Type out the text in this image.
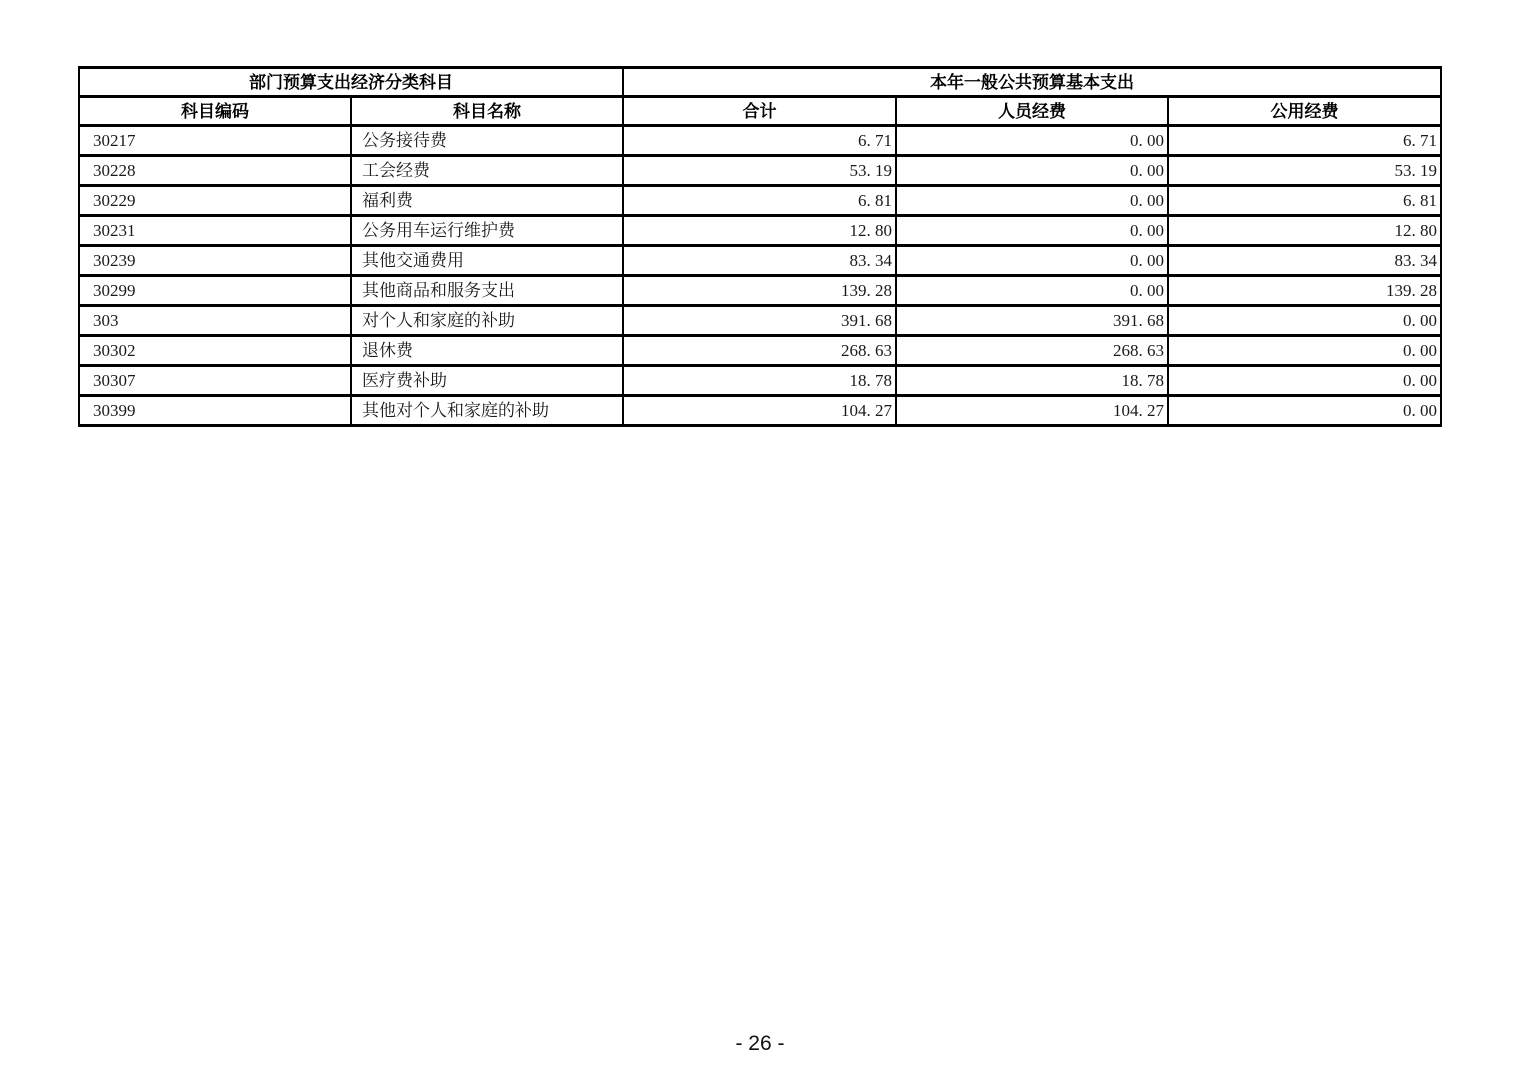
部门预算支出经济分类科目		本年一般公共预算基本支出		
科目编码	科目名称	合计	人员经费	公用经费
30217	公务接待费	6. 71	0. 00	6. 71
30228	工会经费	53. 19	0. 00	53. 19
30229	福利费	6. 81	0. 00	6. 81
30231	公务用车运行维护费	12. 80	0. 00	12. 80
30239	其他交通费用	83. 34	0. 00	83. 34
30299	其他商品和服务支出	139. 28	0. 00	139. 28
303	对个人和家庭的补助	391. 68	391. 68	0. 00
30302	退休费	268. 63	268. 63	0. 00
30307	医疗费补助	18. 78	18. 78	0. 00
30399	其他对个人和家庭的补助	104. 27	104. 27	0. 00
- 26 -
